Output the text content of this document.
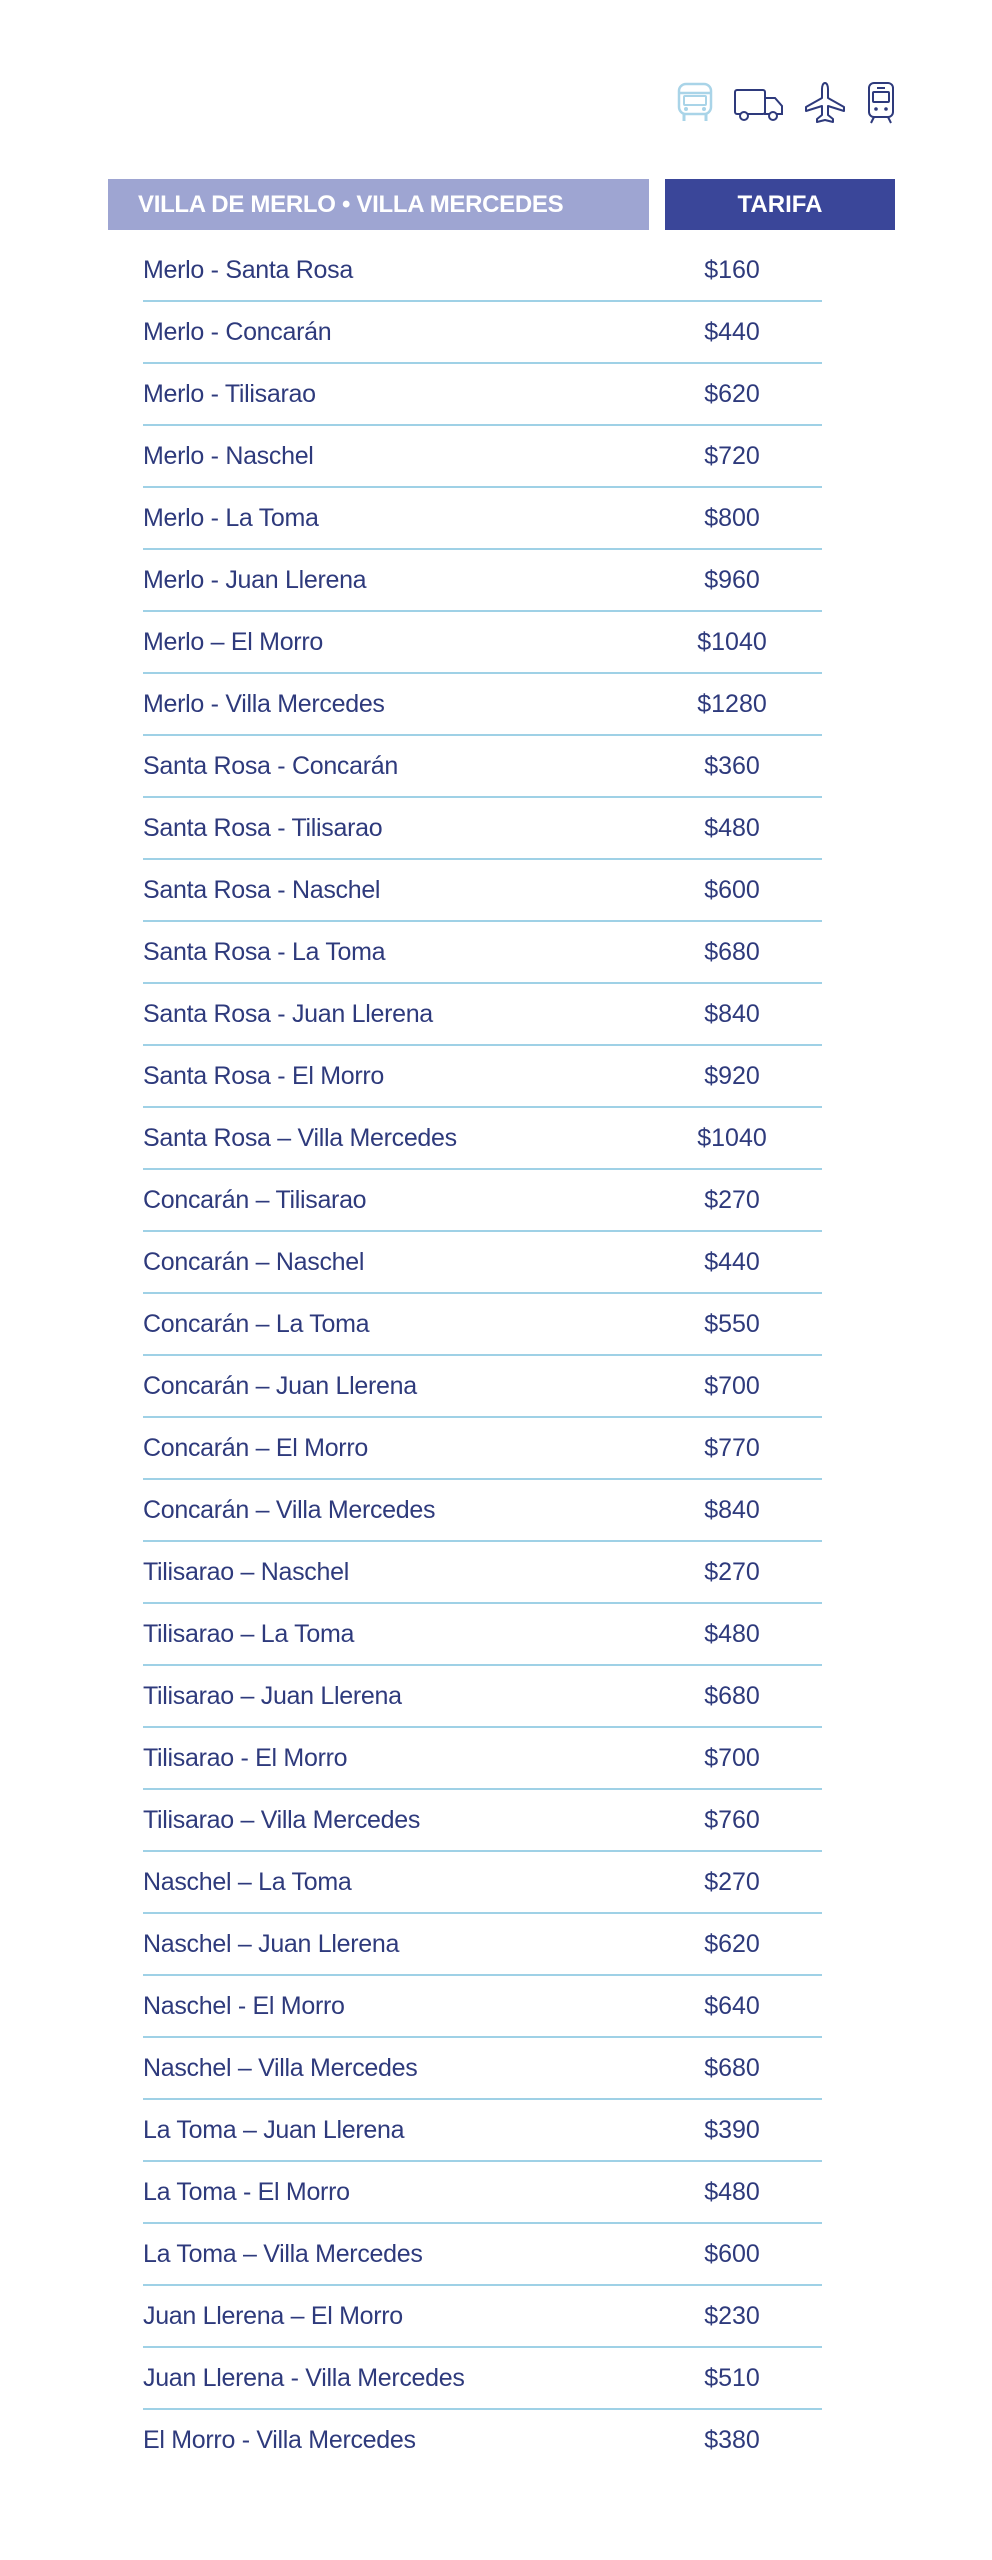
VILLA DE MERLO • VILLA MERCEDES	TARIFA
Merlo - Santa Rosa	$160
Merlo - Concarán	$440
Merlo - Tilisarao	$620
Merlo - Naschel	$720
Merlo - La Toma	$800
Merlo - Juan Llerena	$960
Merlo – El Morro	$1040
Merlo - Villa Mercedes	$1280
Santa Rosa - Concarán	$360
Santa Rosa - Tilisarao	$480
Santa Rosa - Naschel	$600
Santa Rosa - La Toma	$680
Santa Rosa - Juan Llerena	$840
Santa Rosa - El Morro	$920
Santa Rosa – Villa Mercedes	$1040
Concarán – Tilisarao	$270
Concarán – Naschel	$440
Concarán – La Toma	$550
Concarán – Juan Llerena	$700
Concarán – El Morro	$770
Concarán – Villa Mercedes	$840
Tilisarao – Naschel	$270
Tilisarao – La Toma	$480
Tilisarao – Juan Llerena	$680
Tilisarao - El Morro	$700
Tilisarao – Villa Mercedes	$760
Naschel – La Toma	$270
Naschel – Juan Llerena	$620
Naschel - El Morro	$640
Naschel – Villa Mercedes	$680
La Toma – Juan Llerena	$390
La Toma - El Morro	$480
La Toma – Villa Mercedes	$600
Juan Llerena – El Morro	$230
Juan Llerena - Villa Mercedes	$510
El Morro - Villa Mercedes	$380
